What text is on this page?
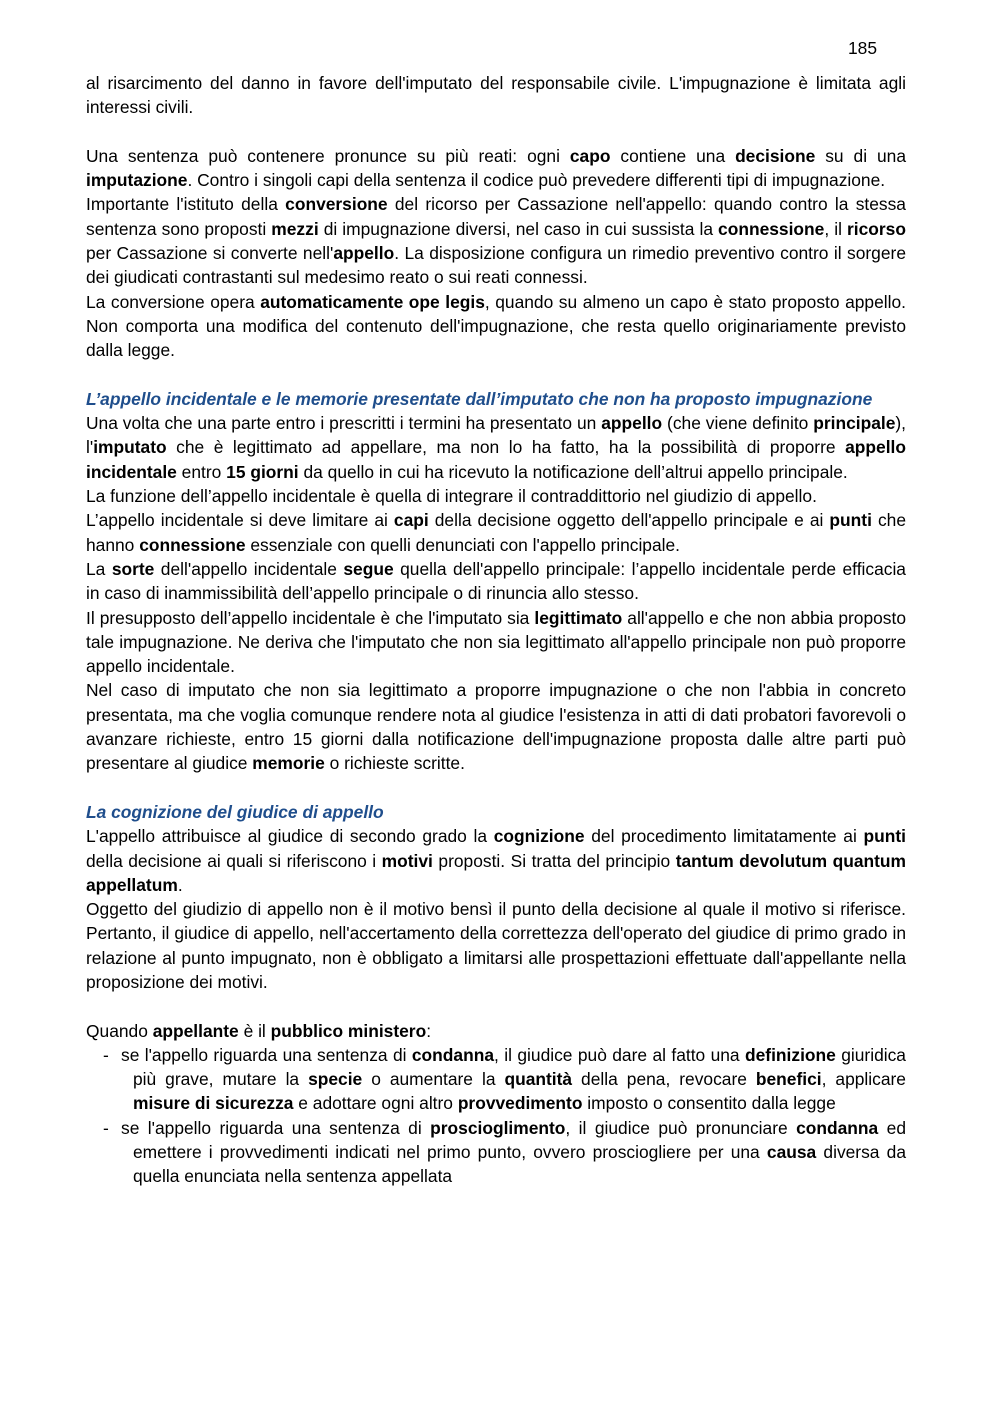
185

al risarcimento del danno in favore dell'imputato del responsabile civile. L'impugnazione è limitata agli interessi civili.

Una sentenza può contenere pronunce su più reati: ogni capo contiene una decisione su di una imputazione. Contro i singoli capi della sentenza il codice può prevedere differenti tipi di impugnazione.

Importante l'istituto della conversione del ricorso per Cassazione nell'appello: quando contro la stessa sentenza sono proposti mezzi di impugnazione diversi, nel caso in cui sussista la connessione, il ricorso per Cassazione si converte nell'appello. La disposizione configura un rimedio preventivo contro il sorgere dei giudicati contrastanti sul medesimo reato o sui reati connessi.

La conversione opera automaticamente ope legis, quando su almeno un capo è stato proposto appello. Non comporta una modifica del contenuto dell'impugnazione, che resta quello originariamente previsto dalla legge.

L’appello incidentale e le memorie presentate dall’imputato che non ha proposto impugnazione

Una volta che una parte entro i prescritti i termini ha presentato un appello (che viene definito principale), l'imputato che è legittimato ad appellare, ma non lo ha fatto, ha la possibilità di proporre appello incidentale entro 15 giorni da quello in cui ha ricevuto la notificazione dell’altrui appello principale.

La funzione dell’appello incidentale è quella di integrare il contraddittorio nel giudizio di appello.

L’appello incidentale si deve limitare ai capi della decisione oggetto dell'appello principale e ai punti che hanno connessione essenziale con quelli denunciati con l'appello principale.

La sorte dell'appello incidentale segue quella dell'appello principale: l’appello incidentale perde efficacia in caso di inammissibilità dell’appello principale o di rinuncia allo stesso.

Il presupposto dell’appello incidentale è che l'imputato sia legittimato all'appello e che non abbia proposto tale impugnazione. Ne deriva che l'imputato che non sia legittimato all'appello principale non può proporre appello incidentale.

Nel caso di imputato che non sia legittimato a proporre impugnazione o che non l'abbia in concreto presentata, ma che voglia comunque rendere nota al giudice l'esistenza in atti di dati probatori favorevoli o avanzare richieste, entro 15 giorni dalla notificazione dell'impugnazione proposta dalle altre parti può presentare al giudice memorie o richieste scritte.

La cognizione del giudice di appello

L'appello attribuisce al giudice di secondo grado la cognizione del procedimento limitatamente ai punti della decisione ai quali si riferiscono i motivi proposti. Si tratta del principio tantum devolutum quantum appellatum.

Oggetto del giudizio di appello non è il motivo bensì il punto della decisione al quale il motivo si riferisce. Pertanto, il giudice di appello, nell'accertamento della correttezza dell'operato del giudice di primo grado in relazione al punto impugnato, non è obbligato a limitarsi alle prospettazioni effettuate dall'appellante nella proposizione dei motivi.

Quando appellante è il pubblico ministero:

- se l'appello riguarda una sentenza di condanna, il giudice può dare al fatto una definizione giuridica più grave, mutare la specie o aumentare la quantità della pena, revocare benefici, applicare misure di sicurezza e adottare ogni altro provvedimento imposto o consentito dalla legge
- se l'appello riguarda una sentenza di proscioglimento, il giudice può pronunciare condanna ed emettere i provvedimenti indicati nel primo punto, ovvero prosciogliere per una causa diversa da quella enunciata nella sentenza appellata
